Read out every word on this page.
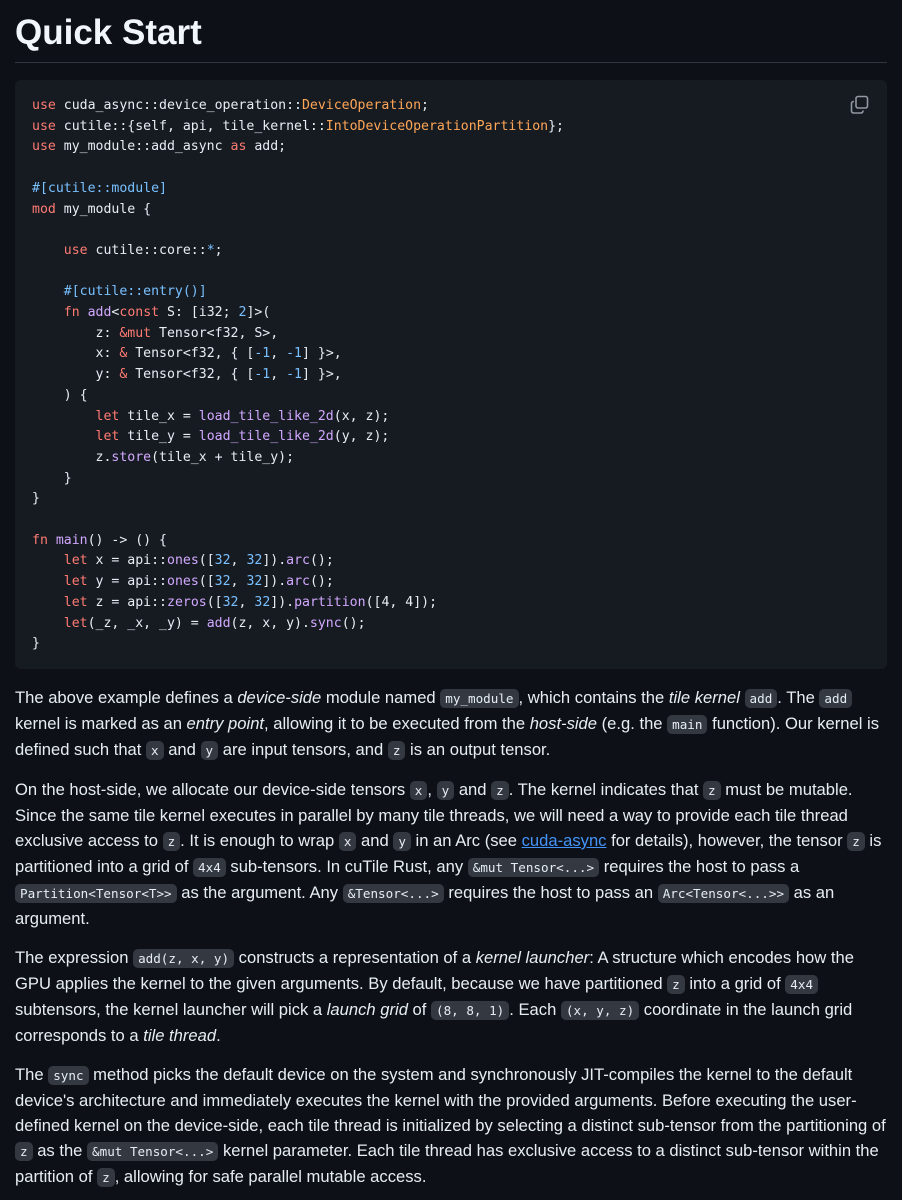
Quick Start
use cuda_async::device_operation::DeviceOperation;
use cutile::{self, api, tile_kernel::IntoDeviceOperationPartition};
use my_module::add_async as add;

#[cutile::module]
mod my_module {

use cutile::core::*;

#[cutile::entry()]
fn add<const S: [i32; 2]>(
z: &mut Tensor<f32, S>,
x: & Tensor<f32, { [-1, -1] }>,
y: & Tensor<f32, { [-1, -1] }>,
) {
let tile_x = load_tile_like_2d(x, z);
let tile_y = load_tile_like_2d(y, z);
z.store(tile_x + tile_y);
}
}

fn main() -> () {
let x = api::ones([32, 32]).arc();
let y = api::ones([32, 32]).arc();
let z = api::zeros([32, 32]).partition([4, 4]);
let(_z, _x, _y) = add(z, x, y).sync();
}

The above example defines a device-side module named my_module , which contains the tile kernel add . The add kernel is marked as an entry point, allowing it to be executed from the host-side (e.g. the main function). Our kernel is defined such that x and y are input tensors, and z is an output tensor.

On the host-side, we allocate our device-side tensors x , y and z . The kernel indicates that z must be mutable. Since the same tile kernel executes in parallel by many tile threads, we will need a way to provide each tile thread exclusive access to z . It is enough to wrap x and y in an Arc (see cuda-async for details), however, the tensor z is partitioned into a grid of 4x4 sub-tensors. In cuTile Rust, any &mut Tensor<...> requires the host to pass a Partition<Tensor<T>> as the argument. Any &Tensor<...> requires the host to pass an Arc<Tensor<...>> as an argument.

The expression add(z, x, y) constructs a representation of a kernel launcher: A structure which encodes how the GPU applies the kernel to the given arguments. By default, because we have partitioned z into a grid of 4x4 subtensors, the kernel launcher will pick a launch grid of (8, 8, 1) . Each (x, y, z) coordinate in the launch grid corresponds to a tile thread.

The sync method picks the default device on the system and synchronously JIT-compiles the kernel to the default device's architecture and immediately executes the kernel with the provided arguments. Before executing the user-defined kernel on the device-side, each tile thread is initialized by selecting a distinct sub-tensor from the partitioning of z as the &mut Tensor<...> kernel parameter. Each tile thread has exclusive access to a distinct sub-tensor within the partition of z , allowing for safe parallel mutable access.
